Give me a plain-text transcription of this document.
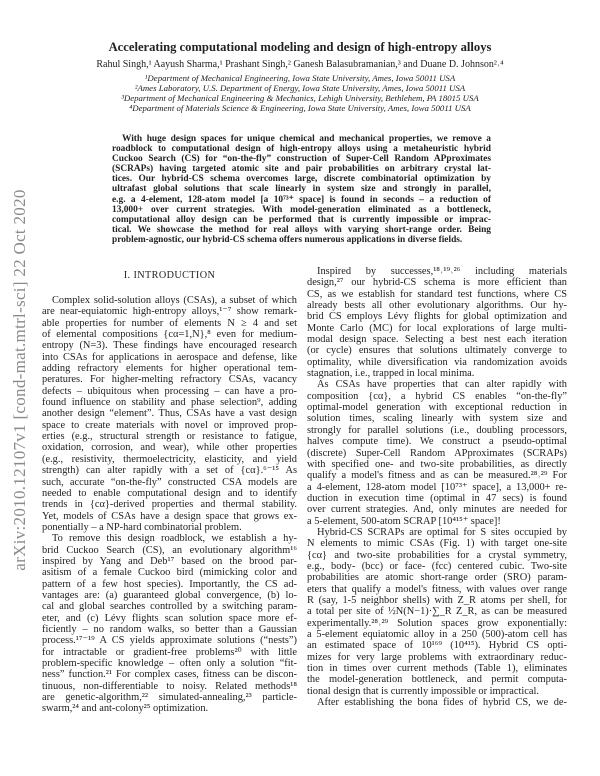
arXiv:2010.12107v1 [cond-mat.mtrl-sci] 22 Oct 2020
Accelerating computational modeling and design of high-entropy alloys
Rahul Singh,¹ Aayush Sharma,¹ Prashant Singh,² Ganesh Balasubramanian,³ and Duane D. Johnson²˒⁴
¹Department of Mechanical Engineering, Iowa State University, Ames, Iowa 50011 USA
²Ames Laboratory, U.S. Department of Energy, Iowa State University, Ames, Iowa 50011 USA
³Department of Mechanical Engineering & Mechanics, Lehigh University, Bethlehem, PA 18015 USA
⁴Department of Materials Science & Engineering, Iowa State University, Ames, Iowa 50011 USA
With huge design spaces for unique chemical and mechanical properties, we remove a
roadblock to computational design of high-entropy alloys using a metaheuristic hybrid
Cuckoo Search (CS) for “on-the-fly” construction of Super-Cell Random APproximates
(SCRAPs) having targeted atomic site and pair probabilities on arbitrary crystal lat-
tices. Our hybrid-CS schema overcomes large, discrete combinatorial optimization by
ultrafast global solutions that scale linearly in system size and strongly in parallel,
e.g. a 4-element, 128-atom model [a 10⁷³⁺ space] is found in seconds – a reduction of
13,000+ over current strategies. With model-generation eliminated as a bottleneck,
computational alloy design can be performed that is currently impossible or imprac-
tical. We showcase the method for real alloys with varying short-range order. Being
problem-agnostic, our hybrid-CS schema offers numerous applications in diverse fields.
I. INTRODUCTION
Complex solid-solution alloys (CSAs), a subset of which
are near-equiatomic high-entropy alloys,¹⁻⁷ show remark-
able properties for number of elements N ≥ 4 and set
of elemental compositions {cα=1,N},⁸ even for medium-
entropy (N=3). These findings have encouraged research
into CSAs for applications in aerospace and defense, like
adding refractory elements for higher operational tem-
peratures. For higher-melting refractory CSAs, vacancy
defects – ubiquitous when processing – can have a pro-
found influence on stability and phase selection⁹, adding
another design “element”. Thus, CSAs have a vast design
space to create materials with novel or improved prop-
erties (e.g., structural strength or resistance to fatigue,
oxidation, corrosion, and wear), while other properties
(e.g., resistivity, thermoelectricity, elasticity, and yield
strength) can alter rapidly with a set of {cα}.⁶⁻¹⁵ As
such, accurate “on-the-fly” constructed CSA models are
needed to enable computational design and to identify
trends in {cα}-derived properties and thermal stability.
Yet, models of CSAs have a design space that grows ex-
ponentially – a NP-hard combinatorial problem.
To remove this design roadblock, we establish a hy-
brid Cuckoo Search (CS), an evolutionary algorithm¹⁶
inspired by Yang and Deb¹⁷ based on the brood par-
asitism of a female Cuckoo bird (mimicking color and
pattern of a few host species). Importantly, the CS ad-
vantages are: (a) guaranteed global convergence, (b) lo-
cal and global searches controlled by a switching param-
eter, and (c) Lévy flights scan solution space more ef-
ficiently – no random walks, so better than a Gaussian
process.¹⁷⁻¹⁹ A CS yields approximate solutions (“nests”)
for intractable or gradient-free problems²⁰ with little
problem-specific knowledge – often only a solution “fit-
ness” function.²¹ For complex cases, fitness can be discon-
tinuous, non-differentiable to noisy. Related methods¹⁸
are genetic-algorithm,²² simulated-annealing,²³ particle-
swarm,²⁴ and ant-colony²⁵ optimization.
Inspired by successes,¹⁸˒¹⁹˒²⁶ including materials
design,²⁷ our hybrid-CS schema is more efficient than
CS, as we establish for standard test functions, where CS
already bests all other evolutionary algorithms. Our hy-
brid CS employs Lévy flights for global optimization and
Monte Carlo (MC) for local explorations of large multi-
modal design space. Selecting a best nest each iteration
(or cycle) ensures that solutions ultimately converge to
optimality, while diversification via randomization avoids
stagnation, i.e., trapped in local minima.
As CSAs have properties that can alter rapidly with
composition {cα}, a hybrid CS enables “on-the-fly”
optimal-model generation with exceptional reduction in
solution times, scaling linearly with system size and
strongly for parallel solutions (i.e., doubling processors,
halves compute time). We construct a pseudo-optimal
(discrete) Super-Cell Random APproximates (SCRAPs)
with specified one- and two-site probabilities, as directly
qualify a model's fitness and as can be measured.²⁸˒²⁹ For
a 4-element, 128-atom model [10⁷³⁺ space], a 13,000+ re-
duction in execution time (optimal in 47 secs) is found
over current strategies. And, only minutes are needed for
a 5-element, 500-atom SCRAP [10⁴¹⁵⁺ space]!
Hybrid-CS SCRAPs are optimal for S sites occupied by
N elements to mimic CSAs (Fig. 1) with target one-site
{cα} and two-site probabilities for a crystal symmetry,
e.g., body- (bcc) or face- (fcc) centered cubic. Two-site
probabilities are atomic short-range order (SRO) param-
eters that qualify a model's fitness, with values over range
R (say, 1-5 neighbor shells) with Z_R atoms per shell, for
a total per site of ½N(N−1)·∑_R Z_R, as can be measured
experimentally.²⁸˒²⁹ Solution spaces grow exponentially:
a 5-element equiatomic alloy in a 250 (500)-atom cell has
an estimated space of 10¹⁶⁹ (10⁴¹⁵). Hybrid CS opti-
mizes for very large problems with extraordinary reduc-
tion in times over current methods (Table 1), eliminates
the model-generation bottleneck, and permit computa-
tional design that is currently impossible or impractical.
After establishing the bona fides of hybrid CS, we de-
